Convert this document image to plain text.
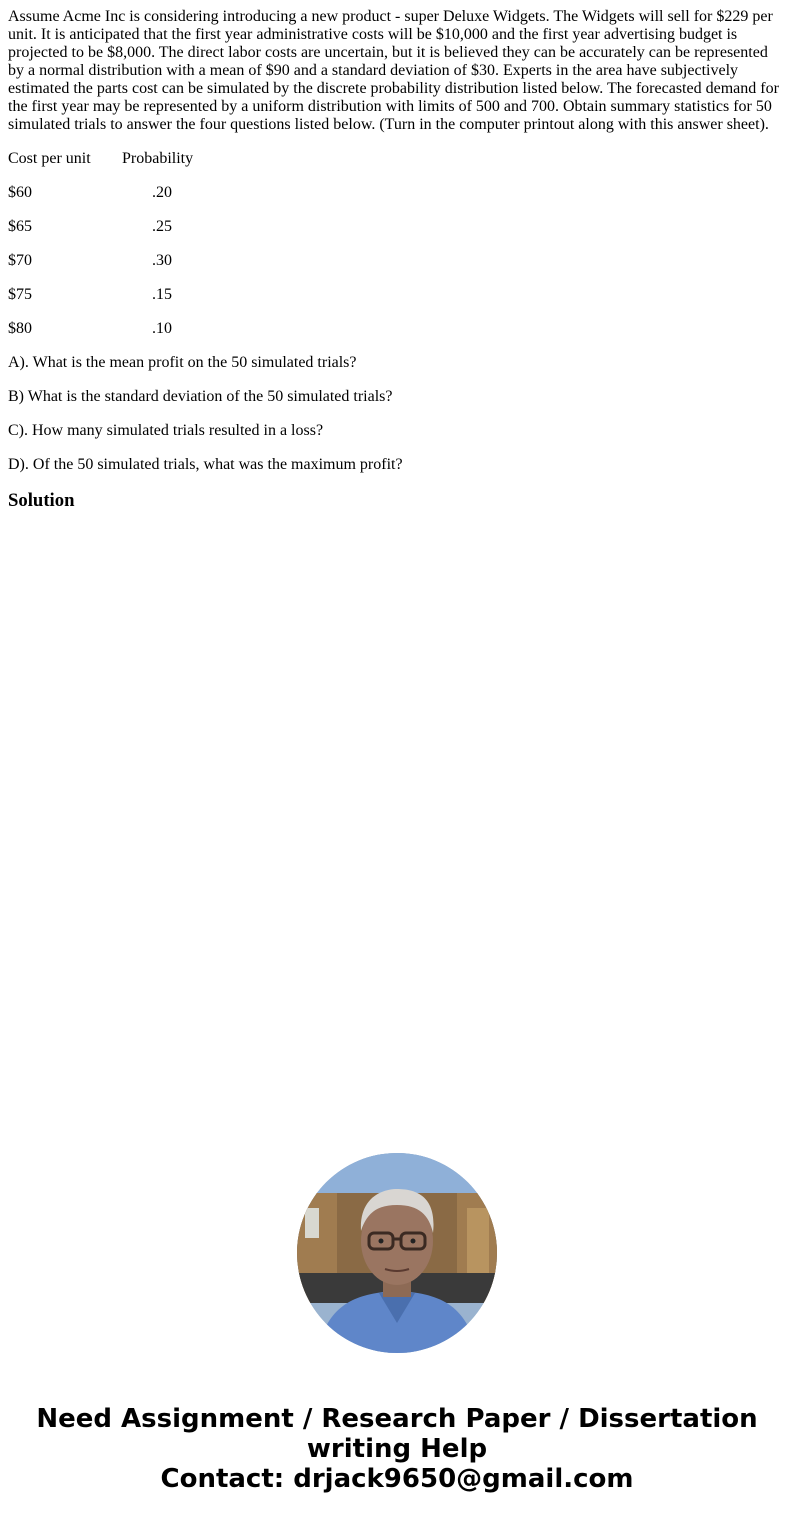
Assume Acme Inc is considering introducing a new product - super Deluxe Widgets. The Widgets will sell for $229 per unit. It is anticipated that the first year administrative costs will be $10,000 and the first year advertising budget is projected to be $8,000. The direct labor costs are uncertain, but it is believed they can be accurately can be represented by a normal distribution with a mean of $90 and a standard deviation of $30. Experts in the area have subjectively estimated the parts cost can be simulated by the discrete probability distribution listed below. The forecasted demand for the first year may be represented by a uniform distribution with limits of 500 and 700. Obtain summary statistics for 50 simulated trials to answer the four questions listed below. (Turn in the computer printout along with this answer sheet).

Cost per unit Probability

$60	.20

$65	.25

$70	.30

$75	.15

$80	.10

A). What is the mean profit on the 50 simulated trials?

B) What is the standard deviation of the 50 simulated trials?

C). How many simulated trials resulted in a loss?

D). Of the 50 simulated trials, what was the maximum profit?

Solution
Need Assignment / Research Paper / Dissertation
writing Help
Contact: drjack9650@gmail.com
